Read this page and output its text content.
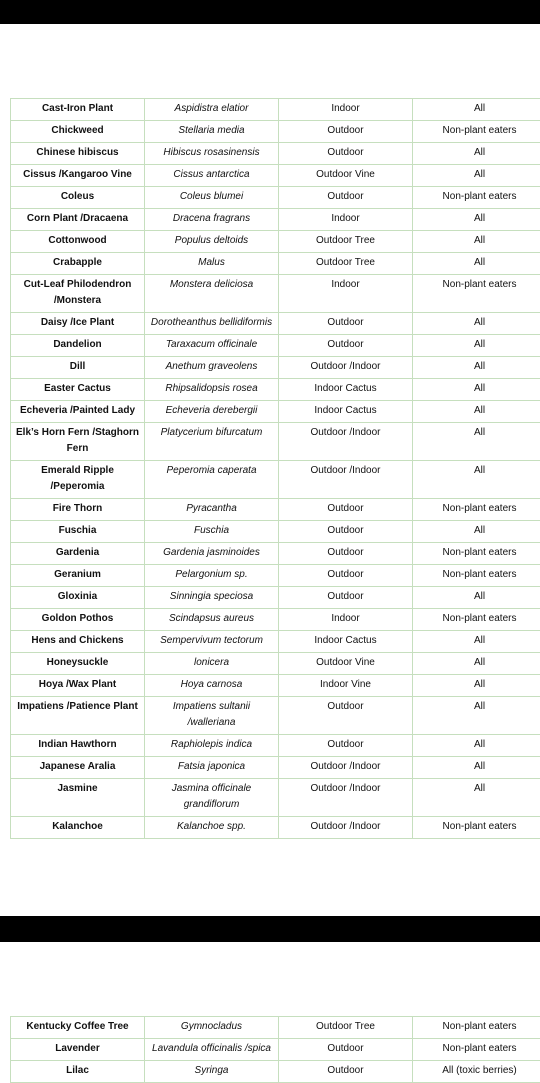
Cast-Iron Plant	Aspidistra elatior	Indoor	All
Chickweed	Stellaria media	Outdoor	Non-plant eaters
Chinese hibiscus	Hibiscus rosasinensis	Outdoor	All
Cissus /Kangaroo Vine	Cissus antarctica	Outdoor Vine	All
Coleus	Coleus blumei	Outdoor	Non-plant eaters
Corn Plant /Dracaena	Dracena fragrans	Indoor	All
Cottonwood	Populus deltoids	Outdoor Tree	All
Crabapple	Malus	Outdoor Tree	All
Cut-Leaf Philodendron /Monstera	Monstera deliciosa	Indoor	Non-plant eaters
Daisy /Ice Plant	Dorotheanthus bellidiformis	Outdoor	All
Dandelion	Taraxacum officinale	Outdoor	All
Dill	Anethum graveolens	Outdoor /Indoor	All
Easter Cactus	Rhipsalidopsis rosea	Indoor Cactus	All
Echeveria /Painted Lady	Echeveria derebergii	Indoor Cactus	All
Elk’s Horn Fern /Staghorn Fern	Platycerium bifurcatum	Outdoor /Indoor	All
Emerald Ripple /Peperomia	Peperomia caperata	Outdoor /Indoor	All
Fire Thorn	Pyracantha	Outdoor	Non-plant eaters
Fuschia	Fuschia	Outdoor	All
Gardenia	Gardenia jasminoides	Outdoor	Non-plant eaters
Geranium	Pelargonium sp.	Outdoor	Non-plant eaters
Gloxinia	Sinningia speciosa	Outdoor	All
Goldon Pothos	Scindapsus aureus	Indoor	Non-plant eaters
Hens and Chickens	Sempervivum tectorum	Indoor Cactus	All
Honeysuckle	lonicera	Outdoor Vine	All
Hoya /Wax Plant	Hoya carnosa	Indoor Vine	All
Impatiens /Patience Plant	Impatiens sultanii /walleriana	Outdoor	All
Indian Hawthorn	Raphiolepis indica	Outdoor	All
Japanese Aralia	Fatsia japonica	Outdoor /Indoor	All
Jasmine	Jasmina officinale grandiflorum	Outdoor /Indoor	All
Kalanchoe	Kalanchoe spp.	Outdoor /Indoor	Non-plant eaters
Kentucky Coffee Tree	Gymnocladus	Outdoor Tree	Non-plant eaters
Lavender	Lavandula officinalis /spica	Outdoor	Non-plant eaters
Lilac	Syringa	Outdoor	All (toxic berries)
